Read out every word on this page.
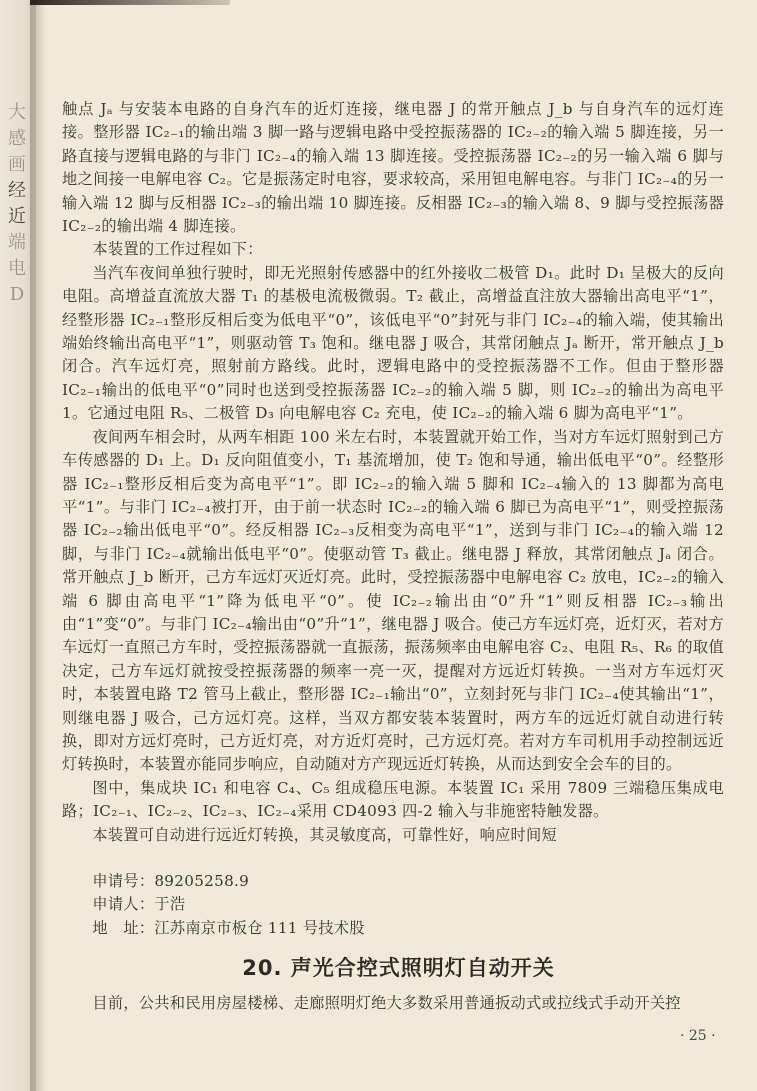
大
感
画
经
近
端
电
D

触点 Jₐ 与安装本电路的自身汽车的近灯连接，继电器 J 的常开触点 J_b 与自身汽车的远灯连接。整形器 IC₂₋₁的输出端 3 脚一路与逻辑电路中受控振荡器的 IC₂₋₂的输入端 5 脚连接，另一路直接与逻辑电路的与非门 IC₂₋₄的输入端 13 脚连接。受控振荡器 IC₂₋₂的另一输入端 6 脚与地之间接一电解电容 C₂。它是振荡定时电容，要求较高，采用钽电解电容。与非门 IC₂₋₄的另一输入端 12 脚与反相器 IC₂₋₃的输出端 10 脚连接。反相器 IC₂₋₃的输入端 8、9 脚与受控振荡器 IC₂₋₂的输出端 4 脚连接。

本装置的工作过程如下：

当汽车夜间单独行驶时，即无光照射传感器中的红外接收二极管 D₁。此时 D₁ 呈极大的反向电阻。高增益直流放大器 T₁ 的基极电流极微弱。T₂ 截止，高增益直注放大器输出高电平“1”，经整形器 IC₂₋₁整形反相后变为低电平“0”，该低电平“0”封死与非门 IC₂₋₄的输入端，使其输出端始终输出高电平“1”，则驱动管 T₃ 饱和。继电器 J 吸合，其常闭触点 Jₐ 断开，常开触点 J_b 闭合。汽车远灯亮，照射前方路线。此时，逻辑电路中的受控振荡器不工作。但由于整形器 IC₂₋₁输出的低电平“0”同时也送到受控振荡器 IC₂₋₂的输入端 5 脚，则 IC₂₋₂的输出为高电平 1。它通过电阻 R₅、二极管 D₃ 向电解电容 C₂ 充电，使 IC₂₋₂的输入端 6 脚为高电平“1”。

夜间两车相会时，从两车相距 100 米左右时，本装置就开始工作，当对方车远灯照射到己方车传感器的 D₁ 上。D₁ 反向阻值变小，T₁ 基流增加，使 T₂ 饱和导通，输出低电平“0”。经整形器 IC₂₋₁整形反相后变为高电平“1”。即 IC₂₋₂的输入端 5 脚和 IC₂₋₄输入的 13 脚都为高电平“1”。与非门 IC₂₋₄被打开，由于前一状态时 IC₂₋₂的输入端 6 脚已为高电平“1”，则受控振荡器 IC₂₋₂输出低电平“0”。经反相器 IC₂₋₃反相变为高电平“1”，送到与非门 IC₂₋₄的输入端 12 脚，与非门 IC₂₋₄就输出低电平“0”。使驱动管 T₃ 截止。继电器 J 释放，其常闭触点 Jₐ 闭合。常开触点 J_b 断开，己方车远灯灭近灯亮。此时，受控振荡器中电解电容 C₂ 放电，IC₂₋₂的输入端 6 脚由高电平“1”降为低电平“0”。使 IC₂₋₂输出由“0”升“1”则反相器 IC₂₋₃输出由“1”变“0”。与非门 IC₂₋₄输出由“0”升“1”，继电器 J 吸合。使己方车远灯亮，近灯灭，若对方车远灯一直照己方车时，受控振荡器就一直振荡，振荡频率由电解电容 C₂、电阻 R₅、R₆ 的取值决定，己方车远灯就按受控振荡器的频率一亮一灭，提醒对方远近灯转换。一当对方车远灯灭时，本装置电路 T2 管马上截止，整形器 IC₂₋₁输出“0”，立刻封死与非门 IC₂₋₄使其输出“1”，则继电器 J 吸合，己方远灯亮。这样，当双方都安装本装置时，两方车的远近灯就自动进行转换，即对方远灯亮时，己方近灯亮，对方近灯亮时，己方远灯亮。若对方车司机用手动控制远近灯转换时，本装置亦能同步响应，自动随对方产现远近灯转换，从而达到安全会车的目的。

图中，集成块 IC₁ 和电容 C₄、C₅ 组成稳压电源。本装置 IC₁ 采用 7809 三端稳压集成电路；IC₂₋₁、IC₂₋₂、IC₂₋₃、IC₂₋₄采用 CD4093 四-2 输入与非施密特触发器。

本装置可自动进行远近灯转换，其灵敏度高，可靠性好，响应时间短

申请号：89205258.9

申请人：于浩

地　址：江苏南京市板仓 111 号技术股

20. 声光合控式照明灯自动开关
目前，公共和民用房屋楼梯、走廊照明灯绝大多数采用普通扳动式或拉线式手动开关控
· 25 ·
